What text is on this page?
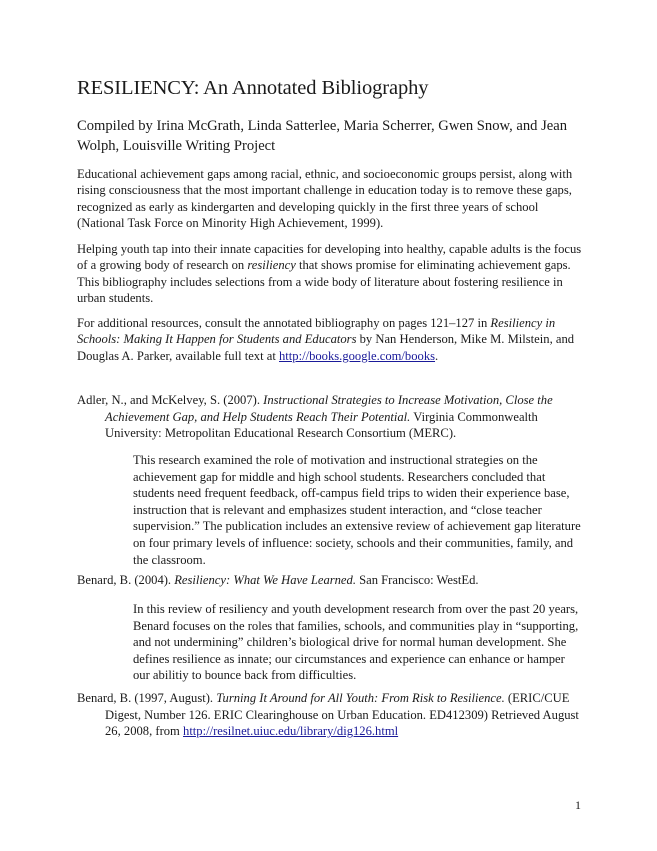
RESILIENCY: An Annotated Bibliography

Compiled by Irina McGrath, Linda Satterlee, Maria Scherrer, Gwen Snow, and Jean Wolph, Louisville Writing Project

Educational achievement gaps among racial, ethnic, and socioeconomic groups persist, along with rising consciousness that the most important challenge in education today is to remove these gaps, recognized as early as kindergarten and developing quickly in the first three years of school (National Task Force on Minority High Achievement, 1999).

Helping youth tap into their innate capacities for developing into healthy, capable adults is the focus of a growing body of research on resiliency that shows promise for eliminating achievement gaps. This bibliography includes selections from a wide body of literature about fostering resilience in urban students.

For additional resources, consult the annotated bibliography on pages 121–127 in Resiliency in Schools: Making It Happen for Students and Educators by Nan Henderson, Mike M. Milstein, and Douglas A. Parker, available full text at http://books.google.com/books.

Adler, N., and McKelvey, S. (2007). Instructional Strategies to Increase Motivation, Close the Achievement Gap, and Help Students Reach Their Potential. Virginia Commonwealth University: Metropolitan Educational Research Consortium (MERC).

This research examined the role of motivation and instructional strategies on the achievement gap for middle and high school students. Researchers concluded that students need frequent feedback, off-campus field trips to widen their experience base, instruction that is relevant and emphasizes student interaction, and “close teacher supervision.” The publication includes an extensive review of achievement gap literature on four primary levels of influence: society, schools and their communities, family, and the classroom.

Benard, B. (2004). Resiliency: What We Have Learned. San Francisco: WestEd.

In this review of resiliency and youth development research from over the past 20 years, Benard focuses on the roles that families, schools, and communities play in “supporting, and not undermining” children’s biological drive for normal human development. She defines resilience as innate; our circumstances and experience can enhance or hamper our abilitiy to bounce back from difficulties.

Benard, B. (1997, August). Turning It Around for All Youth: From Risk to Resilience. (ERIC/CUE Digest, Number 126. ERIC Clearinghouse on Urban Education. ED412309) Retrieved August 26, 2008, from http://resilnet.uiuc.edu/library/dig126.html

1
